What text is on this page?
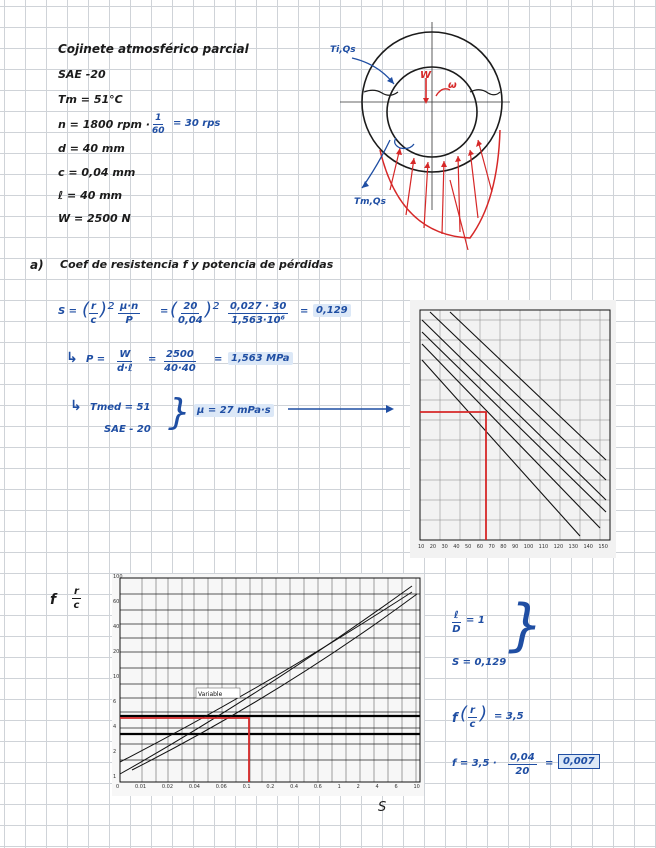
Cojinete atmosférico parcial
SAE -20
Tm = 51°C
n = 1800 rpm · $\frac{1}{60} = 30$ rps
d = 40 mm
c = 0,04 mm
ℓ = 40 mm
W = 2500 N
W
ω
Ti,Qs
Tm,Qs
a) Coef de resistencia f y potencia de pérdidas
S = ( $\frac{r}{c} )^2 \frac{\mu\cdot n}{P}$ = ( $\frac{20}{0,04} )^2 \frac{0,027 \cdot 30}{\text{1,563·10⁶}} = 0,129$
↳ P = W
d·ℓ
= $\frac{2500}{40\cdot 40} = 1,563$ MPa
↳ Tmed = 51
SAE - 20 } μ = 27 mPa·s
10 20 30 40 50 60 70 80 90 100 110 120 130 140 150
f $\frac{r}{c}$
Variable
0	0.01	0.02	0.04	0.06	0.1	0.2	0.4	0.6	1	2	4	6	10
1
2
4
6
10
20
40
60
100
S
ℓ
D
= 1
S = 0,129
}
f ( $\frac{r}{c}$ ) = 3,5
$f = 3,5 \cdot \frac{0,04}{20} = 0,007$
